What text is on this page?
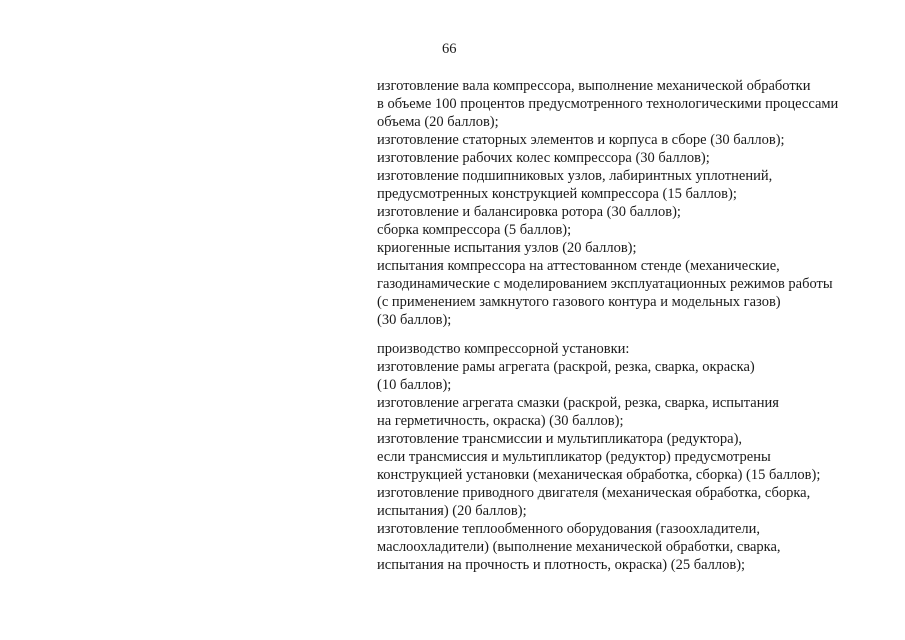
66
изготовление вала компрессора, выполнение механической обработки
в объеме 100 процентов предусмотренного технологическими процессами
объема (20 баллов);
изготовление статорных элементов и корпуса в сборе (30 баллов);
изготовление рабочих колес компрессора (30 баллов);
изготовление подшипниковых узлов, лабиринтных уплотнений,
предусмотренных конструкцией компрессора (15 баллов);
изготовление и балансировка ротора (30 баллов);
сборка компрессора (5 баллов);
криогенные испытания узлов (20 баллов);
испытания компрессора на аттестованном стенде (механические,
газодинамические с моделированием эксплуатационных режимов работы
(с применением замкнутого газового контура и модельных газов)
(30 баллов);
производство компрессорной установки:
изготовление рамы агрегата (раскрой, резка, сварка, окраска)
(10 баллов);
изготовление агрегата смазки (раскрой, резка, сварка, испытания
на герметичность, окраска) (30 баллов);
изготовление трансмиссии и мультипликатора (редуктора),
если трансмиссия и мультипликатор (редуктор) предусмотрены
конструкцией установки (механическая обработка, сборка) (15 баллов);
изготовление приводного двигателя (механическая обработка, сборка,
испытания) (20 баллов);
изготовление теплообменного оборудования (газоохладители,
маслоохладители) (выполнение механической обработки, сварка,
испытания на прочность и плотность, окраска) (25 баллов);
